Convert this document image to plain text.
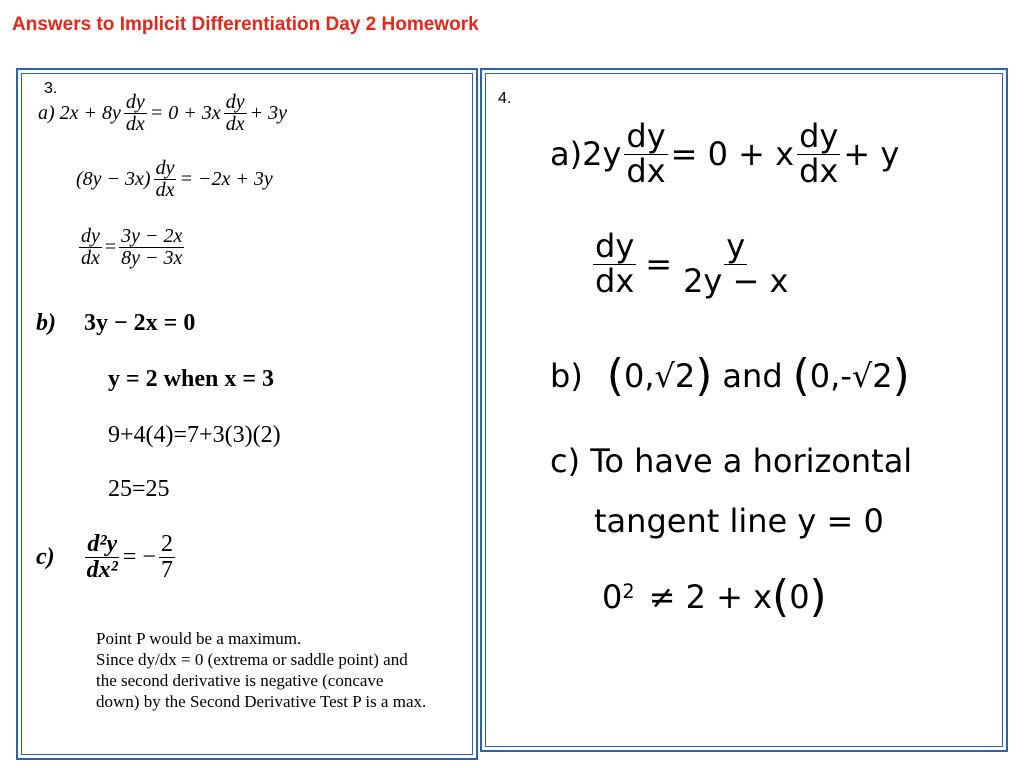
Answers to Implicit Differentiation Day 2 Homework
3.
a)
$2x + 8y \frac{dy}{dx} = 0 + 3x \frac{dy}{dx} + 3y$
$(8y - 3x) \frac{dy}{dx} = -2x + 3y$
$\frac{dy}{dx} = \frac{3y - 2x}{8y - 3x}$
b) 3y − 2x = 0
y = 2 when x = 3
9+4(4)=7+3(3)(2)
25=25
$c) \frac{\text{d²y}}{\text{dx²}}$ = − $\frac{2}{7}$
Point P would be a maximum.
Since dy/dx = 0 (extrema or saddle point) and
the second derivative is negative (concave
down) by the Second Derivative Test P is a max.
4.
$a)2y \frac{dy}{dx} = 0 + x \frac{dy}{dx} + y$
$\frac{dy}{dx} = \frac{y}{2y - x}$
b) ( 0,√2 ) and ( 0,-√2 )
c) To have a horizontal
tangent line y = 0
$0^2 \ne 2 + x$ ( 0 )
